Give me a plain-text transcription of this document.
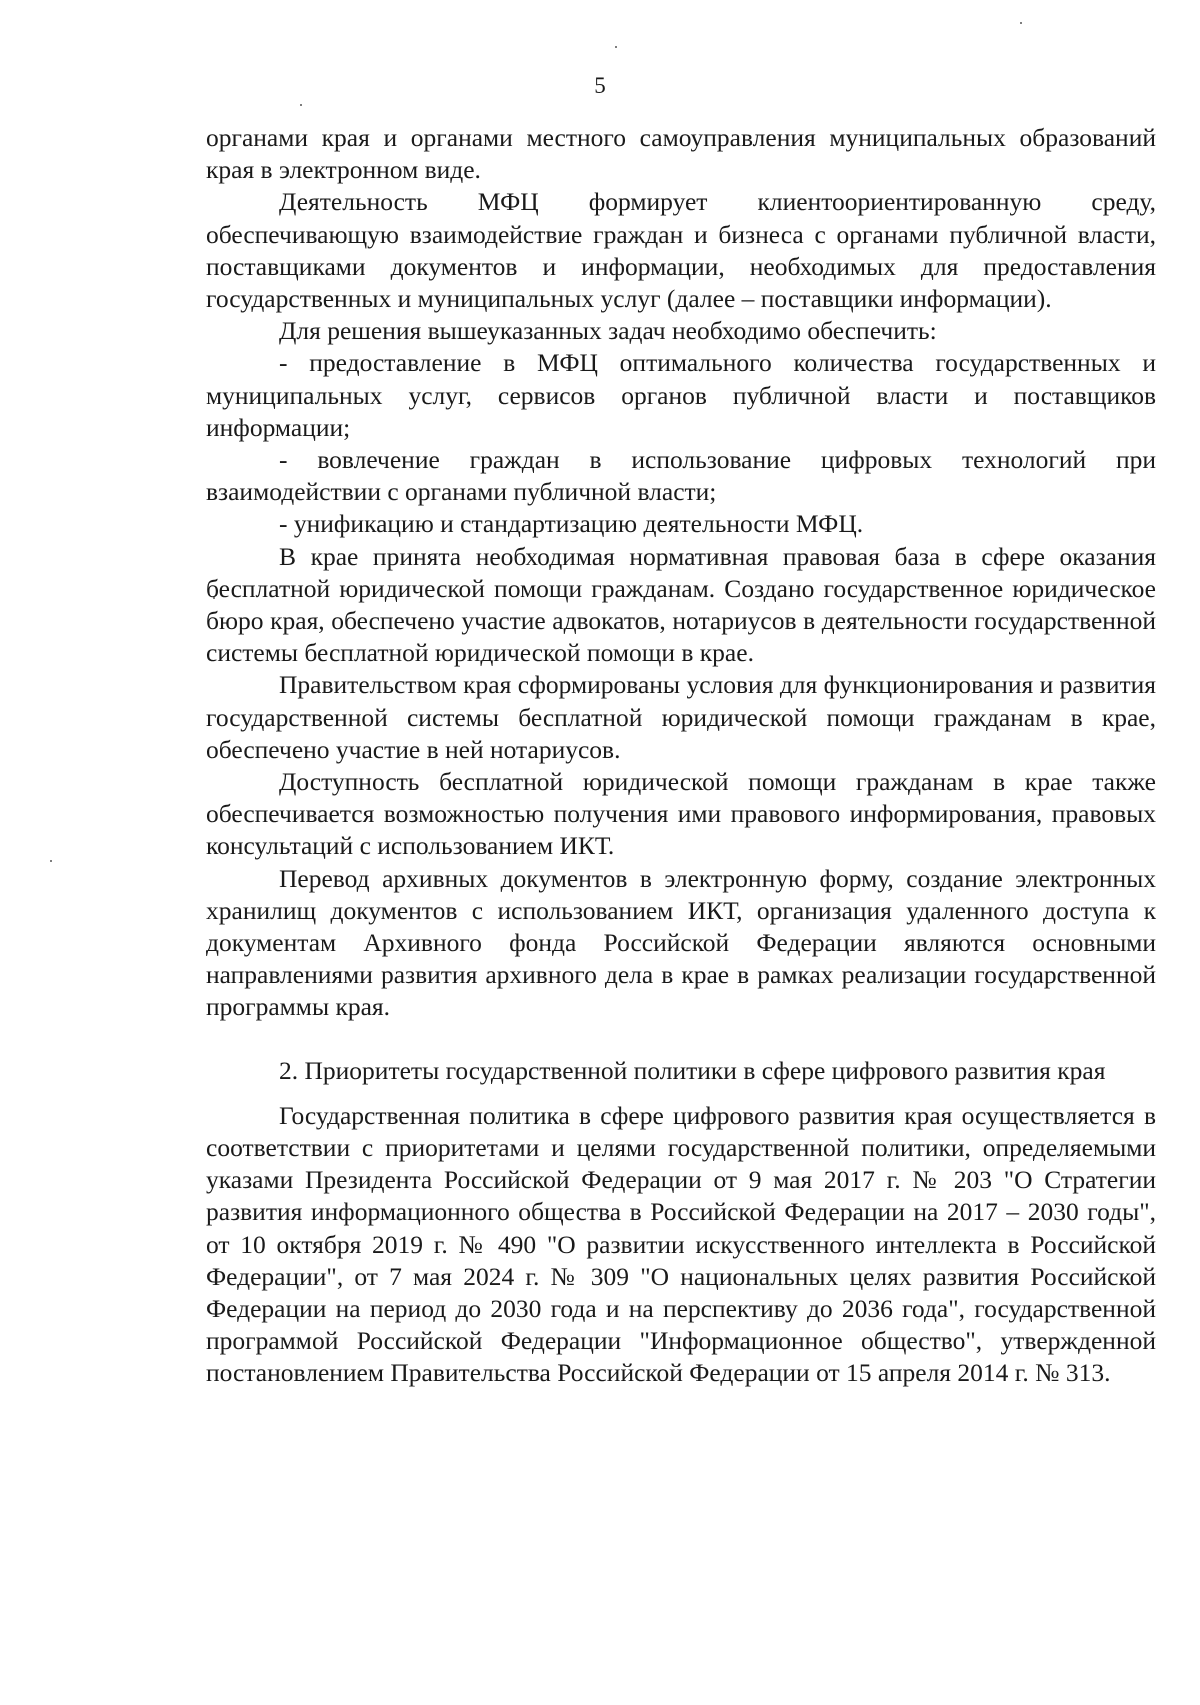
5

органами края и органами местного самоуправления муниципальных образований края в электронном виде.

Деятельность МФЦ формирует клиентоориентированную среду, обеспечивающую взаимодействие граждан и бизнеса с органами публичной власти, поставщиками документов и информации, необходимых для предоставления государственных и муниципальных услуг (далее – поставщики информации).

Для решения вышеуказанных задач необходимо обеспечить:

- предоставление в МФЦ оптимального количества государственных и муниципальных услуг, сервисов органов публичной власти и поставщиков информации;

- вовлечение граждан в использование цифровых технологий при взаимодействии с органами публичной власти;

- унификацию и стандартизацию деятельности МФЦ.

В крае принята необходимая нормативная правовая база в сфере оказания бесплатной юридической помощи гражданам. Создано государственное юридическое бюро края, обеспечено участие адвокатов, нотариусов в деятельности государственной системы бесплатной юридической помощи в крае.

Правительством края сформированы условия для функционирования и развития государственной системы бесплатной юридической помощи гражданам в крае, обеспечено участие в ней нотариусов.

Доступность бесплатной юридической помощи гражданам в крае также обеспечивается возможностью получения ими правового информирования, правовых консультаций с использованием ИКТ.

Перевод архивных документов в электронную форму, создание электронных хранилищ документов с использованием ИКТ, организация удаленного доступа к документам Архивного фонда Российской Федерации являются основными направлениями развития архивного дела в крае в рамках реализации государственной программы края.

2. Приоритеты государственной политики в сфере цифрового развития края

Государственная политика в сфере цифрового развития края осуществляется в соответствии с приоритетами и целями государственной политики, определяемыми указами Президента Российской Федерации от 9 мая 2017 г. № 203 "О Стратегии развития информационного общества в Российской Федерации на 2017 – 2030 годы", от 10 октября 2019 г. № 490 "О развитии искусственного интеллекта в Российской Федерации", от 7 мая 2024 г. № 309 "О национальных целях развития Российской Федерации на период до 2030 года и на перспективу до 2036 года", государственной программой Российской Федерации "Информационное общество", утвержденной постановлением Правительства Российской Федерации от 15 апреля 2014 г. № 313.
